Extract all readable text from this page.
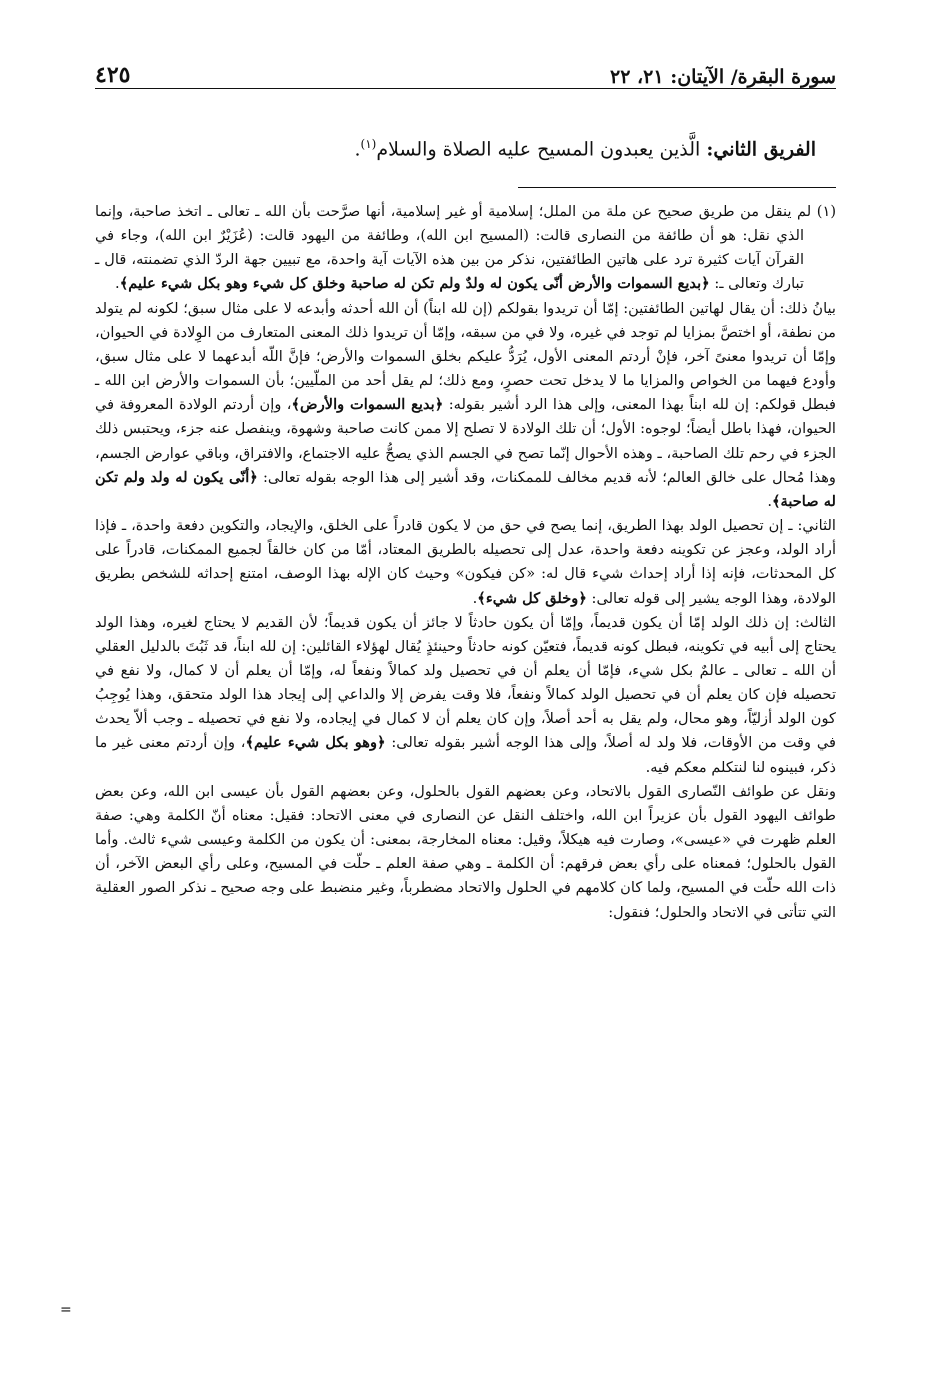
سورة البقرة/ الآيتان: ٢١، ٢٢
٤٢٥
الفريق الثاني: الَّذين يعبدون المسيح عليه الصلاة والسلام$^{(١)}$.

(١) لم ينقل من طريق صحيح عن ملة من الملل؛ إسلامية أو غير إسلامية، أنها صرَّحت بأن الله ـ تعالى ـ اتخذ صاحبة، وإنما الذي نقل: هو أن طائفة من النصارى قالت: (المسيح ابن الله)، وطائفة من اليهود قالت: (عُزَيْرٌ ابن الله)، وجاء في القرآن آيات كثيرة ترد على هاتين الطائفتين، نذكر من بين هذه الآيات آية واحدة، مع تبيين جهة الردّ الذي تضمنته، قال ـ تبارك وتعالى ـ: ﴿بديع السموات والأرض أنّى يكون له ولدٌ ولم تكن له صاحبة وخلق كل شيء وهو بكل شيء عليم﴾.

بيانُ ذلك: أن يقال لهاتين الطائفتين: إمّا أن تريدوا بقولكم (إن لله ابناً) أن الله أحدثه وأبدعه لا على مثال سبق؛ لكونه لم يتولد من نطفة، أو اختصَّ بمزايا لم توجد في غيره، ولا في من سبقه، وإمّا أن تريدوا ذلك المعنى المتعارف من الوِلادة في الحيوان، وإمّا أن تريدوا معنىً آخر، فإنْ أردتم المعنى الأول، يُرَدُّ عليكم بخلق السموات والأرض؛ فإنَّ اللّه أبدعهما لا على مثال سبق، وأودع فيهما من الخواص والمزايا ما لا يدخل تحت حصرٍ، ومع ذلك؛ لم يقل أحد من الملّيين؛ بأن السموات والأرض ابن الله ـ فبطل قولكم: إن لله ابناً بهذا المعنى، وإلى هذا الرد أشير بقوله: ﴿بديع السموات والأرض﴾، وإن أردتم الولادة المعروفة في الحيوان، فهذا باطل أيضاً؛ لوجوه: الأول؛ أن تلك الولادة لا تصلح إلا ممن كانت صاحبة وشهوة، وينفصل عنه جزء، ويحتبس ذلك الجزء في رحم تلك الصاحبة، ـ وهذه الأحوال إنّما تصح في الجسم الذي يصحُّ عليه الاجتماع، والافتراق، وباقي عوارض الجسم، وهذا مُحال على خالق العالم؛ لأنه قديم مخالف للممكنات، وقد أشير إلى هذا الوجه بقوله تعالى: ﴿أنّى يكون له ولد ولم تكن له صاحبة﴾.

الثاني: ـ إن تحصيل الولد بهذا الطريق، إنما يصح في حق من لا يكون قادراً على الخلق، والإيجاد، والتكوين دفعة واحدة، ـ فإذا أراد الولد، وعجز عن تكوينه دفعة واحدة، عدل إلى تحصيله بالطريق المعتاد، أمّا من كان خالقاً لجميع الممكنات، قادراً على كل المحدثات، فإنه إذا أراد إحداث شيء قال له: «كن فيكون» وحيث كان الإله بهذا الوصف، امتنع إحداثه للشخص بطريق الولادة، وهذا الوجه يشير إلى قوله تعالى: ﴿وخلق كل شيء﴾.

الثالث: إن ذلك الولد إمّا أن يكون قديماً، وإمّا أن يكون حادثاً لا جائز أن يكون قديماً؛ لأن القديم لا يحتاج لغيره، وهذا الولد يحتاج إلى أبيه في تكوينه، فبطل كونه قديماً، فتعيّن كونه حادثاً وحينئذٍ يُقال لهؤلاء القائلين: إن لله ابناً، قد ثَبُتَ بالدليل العقلي أن الله ـ تعالى ـ عالمٌ بكل شيء، فإمّا أن يعلم أن في تحصيل ولد كمالاً ونفعاً له، وإمّا أن يعلم أن لا كمال، ولا نفع في تحصيله فإن كان يعلم أن في تحصيل الولد كمالاً ونفعاً، فلا وقت يفرض إلا والداعي إلى إيجاد هذا الولد متحقق، وهذا يُوجِبُ كون الولد أزليّاً، وهو محال، ولم يقل به أحد أصلاً، وإن كان يعلم أن لا كمال في إيجاده، ولا نفع في تحصيله ـ وجب ألاّ يحدث في وقت من الأوقات، فلا ولد له أصلاً، وإلى هذا الوجه أشير بقوله تعالى: ﴿وهو بكل شيء عليم﴾، وإن أردتم معنى غير ما ذكر، فبينوه لنا لنتكلم معكم فيه.

ونقل عن طوائف النّصارى القول بالاتحاد، وعن بعضهم القول بالحلول، وعن بعضهم القول بأن عيسى ابن الله، وعن بعض طوائف اليهود القول بأن عزيراً ابن الله، واختلف النقل عن النصارى في معنى الاتحاد: فقيل: معناه أنّ الكلمة وهي: صفة العلم ظهرت في «عيسى»، وصارت فيه هيكلاً، وقيل: معناه المخارجة، بمعنى: أن يكون من الكلمة وعيسى شيء ثالث. وأما القول بالحلول؛ فمعناه على رأي بعض فرقهم: أن الكلمة ـ وهي صفة العلم ـ حلّت في المسيح، وعلى رأي البعض الآخر، أن ذات الله حلّت في المسيح، ولما كان كلامهم في الحلول والاتحاد مضطرباً، وغير منضبط على وجه صحيح ـ نذكر الصور العقلية التي تتأتى في الاتحاد والحلول؛ فنقول:

=
